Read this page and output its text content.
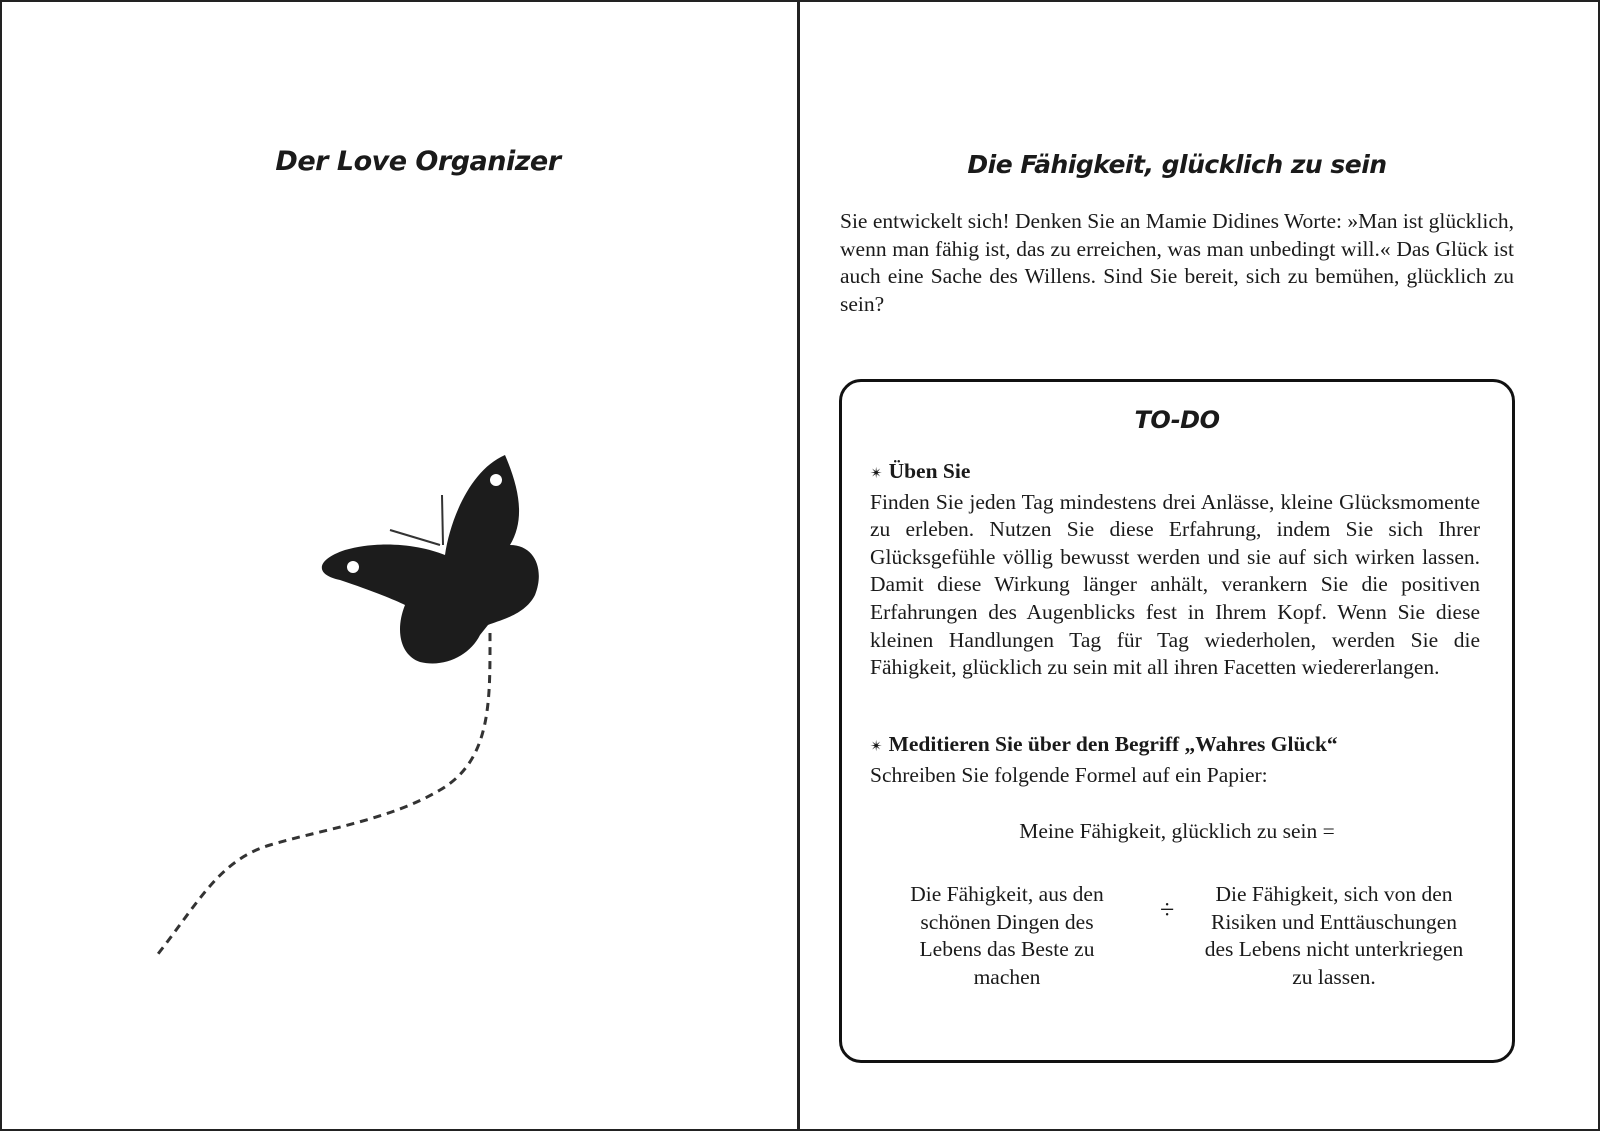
Der Love Organizer	Die Fähigkeit, glücklich zu sein
Sie entwickelt sich! Denken Sie an Mamie Didines Worte: »Man ist glücklich, wenn man fähig ist, das zu erreichen, was man unbedingt will.« Das Glück ist auch eine Sache des Willens. Sind Sie bereit, sich zu bemühen, glücklich zu sein?
TO-DO
✴ Üben Sie
Finden Sie jeden Tag mindestens drei Anlässe, kleine Glücksmomente zu erleben. Nutzen Sie diese Erfahrung, indem Sie sich Ihrer Glücksgefühle völlig bewusst werden und sie auf sich wirken lassen. Damit diese Wirkung länger anhält, verankern Sie die positiven Erfahrungen des Augenblicks fest in Ihrem Kopf. Wenn Sie diese kleinen Handlungen Tag für Tag wiederholen, werden Sie die Fähigkeit, glücklich zu sein mit all ihren Facetten wiedererlangen.
✴ Meditieren Sie über den Begriff „Wahres Glück“
Schreiben Sie folgende Formel auf ein Papier:
Meine Fähigkeit, glücklich zu sein =
Die Fähigkeit, aus den schönen Dingen des Lebens das Beste zu machen
÷
Die Fähigkeit, sich von den Risiken und Enttäuschungen des Lebens nicht unterkriegen zu lassen.
